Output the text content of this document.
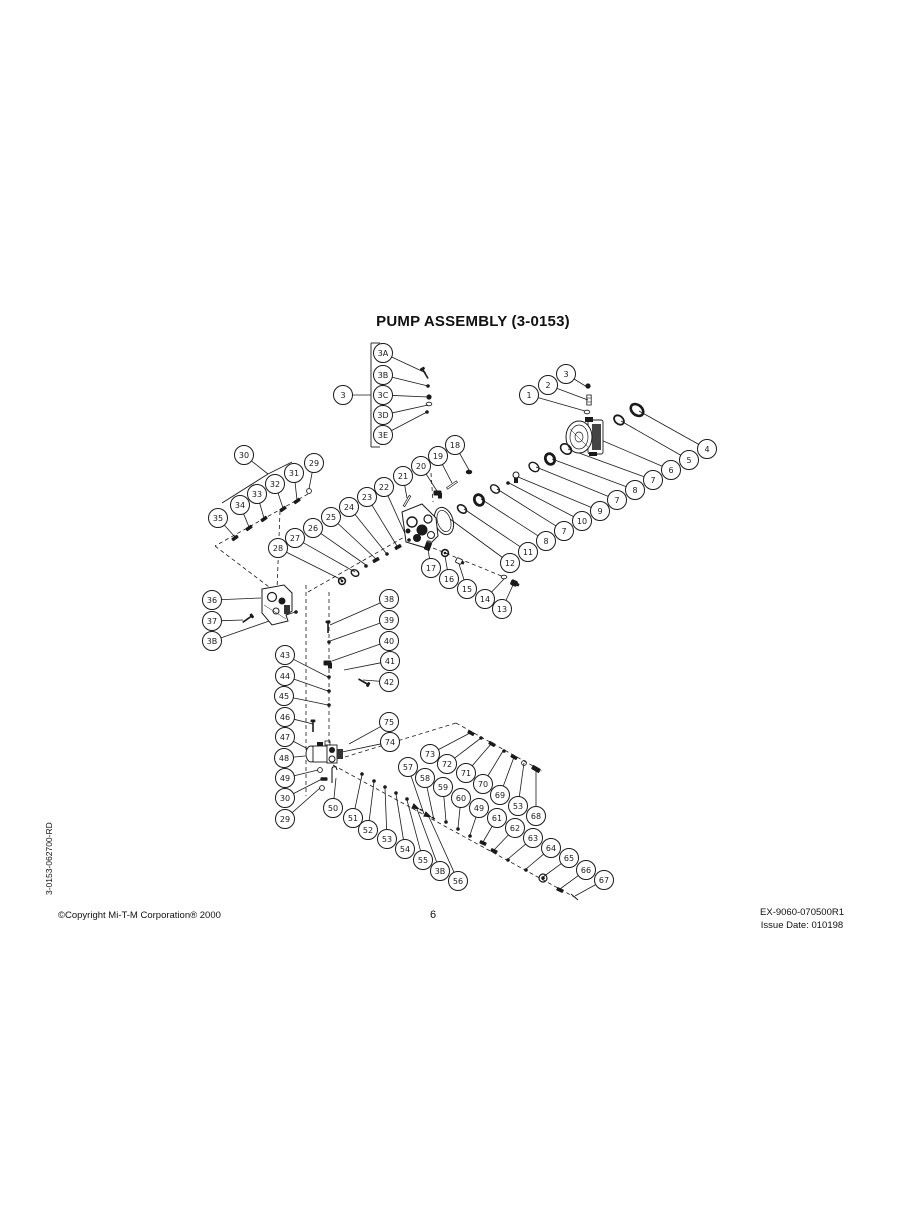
3
3A
3B
3C
3D
3E
1
2
3
4
5
6
7
8
7
9
10
7
8
11
12
18
19
20
21
30
29
31
32
33
34
35
22
23
24
25
26
27
28
17
16
15
14
13
36
37
3B
38
39
40
41
42
43
44
45
46
47
48
49
30
29
75
74
50
51
52
53
54
55
3B
56
57
58
59
60
49
61
62
63
64
65
66
67
73
72
71
70
69
53
68
PUMP ASSEMBLY (3-0153)
©Copyright Mi-T-M Corporation® 2000	6	EX-9060-070500R1
Issue Date: 010198
3-0153-062700-RD
